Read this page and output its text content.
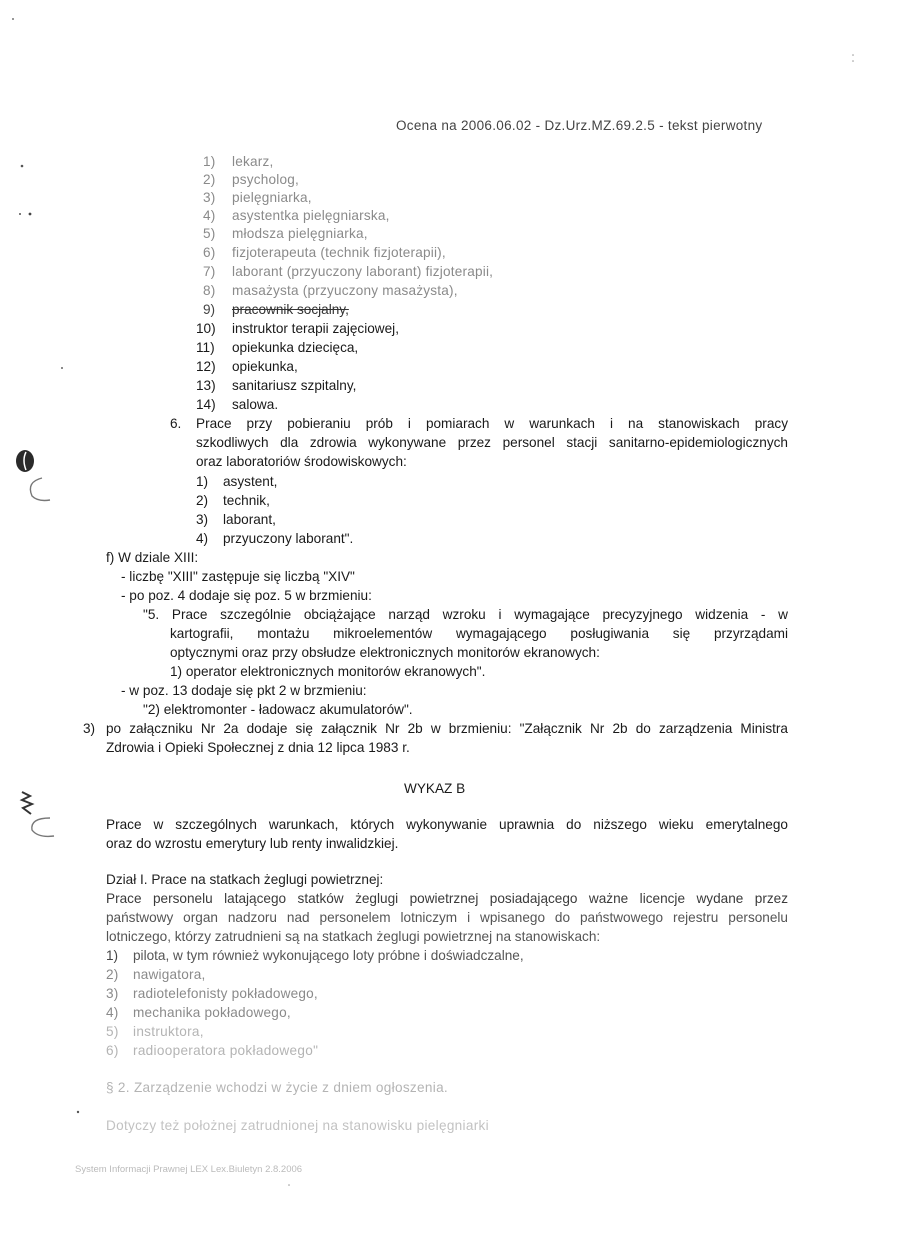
Ocena na 2006.06.02 - Dz.Urz.MZ.69.2.5 - tekst pierwotny
1) lekarz,
2) psycholog,
3) pielęgniarka,
4) asystentka pielęgniarska,
5) młodsza pielęgniarka,
6) fizjoterapeuta (technik fizjoterapii),
7) laborant (przyuczony laborant) fizjoterapii,
8) masażysta (przyuczony masażysta),
9) pracownik socjalny,
10) instruktor terapii zajęciowej,
11) opiekunka dziecięca,
12) opiekunka,
13) sanitariusz szpitalny,
14) salowa.
6. Prace przy pobieraniu prób i pomiarach w warunkach i na stanowiskach pracy
szkodliwych dla zdrowia wykonywane przez personel stacji sanitarno-epidemiologicznych
oraz laboratoriów środowiskowych:
1) asystent,
2) technik,
3) laborant,
4) przyuczony laborant".
f) W dziale XIII:
- liczbę "XIII" zastępuje się liczbą "XIV"
- po poz. 4 dodaje się poz. 5 w brzmieniu:
"5. Prace szczególnie obciążające narząd wzroku i wymagające precyzyjnego widzenia - w
kartografii, montażu mikroelementów wymagającego posługiwania się przyrządami
optycznymi oraz przy obsłudze elektronicznych monitorów ekranowych:
1) operator elektronicznych monitorów ekranowych".
- w poz. 13 dodaje się pkt 2 w brzmieniu:
"2) elektromonter - ładowacz akumulatorów".
3) po załączniku Nr 2a dodaje się załącznik Nr 2b w brzmieniu: "Załącznik Nr 2b do zarządzenia Ministra
Zdrowia i Opieki Społecznej z dnia 12 lipca 1983 r.
WYKAZ B
Prace w szczególnych warunkach, których wykonywanie uprawnia do niższego wieku emerytalnego
oraz do wzrostu emerytury lub renty inwalidzkiej.
Dział I. Prace na statkach żeglugi powietrznej:
Prace personelu latającego statków żeglugi powietrznej posiadającego ważne licencje wydane przez
państwowy organ nadzoru nad personelem lotniczym i wpisanego do państwowego rejestru personelu
lotniczego, którzy zatrudnieni są na statkach żeglugi powietrznej na stanowiskach:
1) pilota, w tym również wykonującego loty próbne i doświadczalne,
2) nawigatora,
3) radiotelefonisty pokładowego,
4) mechanika pokładowego,
5) instruktora,
6) radiooperatora pokładowego"
§ 2. Zarządzenie wchodzi w życie z dniem ogłoszenia.
Dotyczy też położnej zatrudnionej na stanowisku pielęgniarki
System Informacji Prawnej LEX Lex.Biuletyn 2.8.2006
